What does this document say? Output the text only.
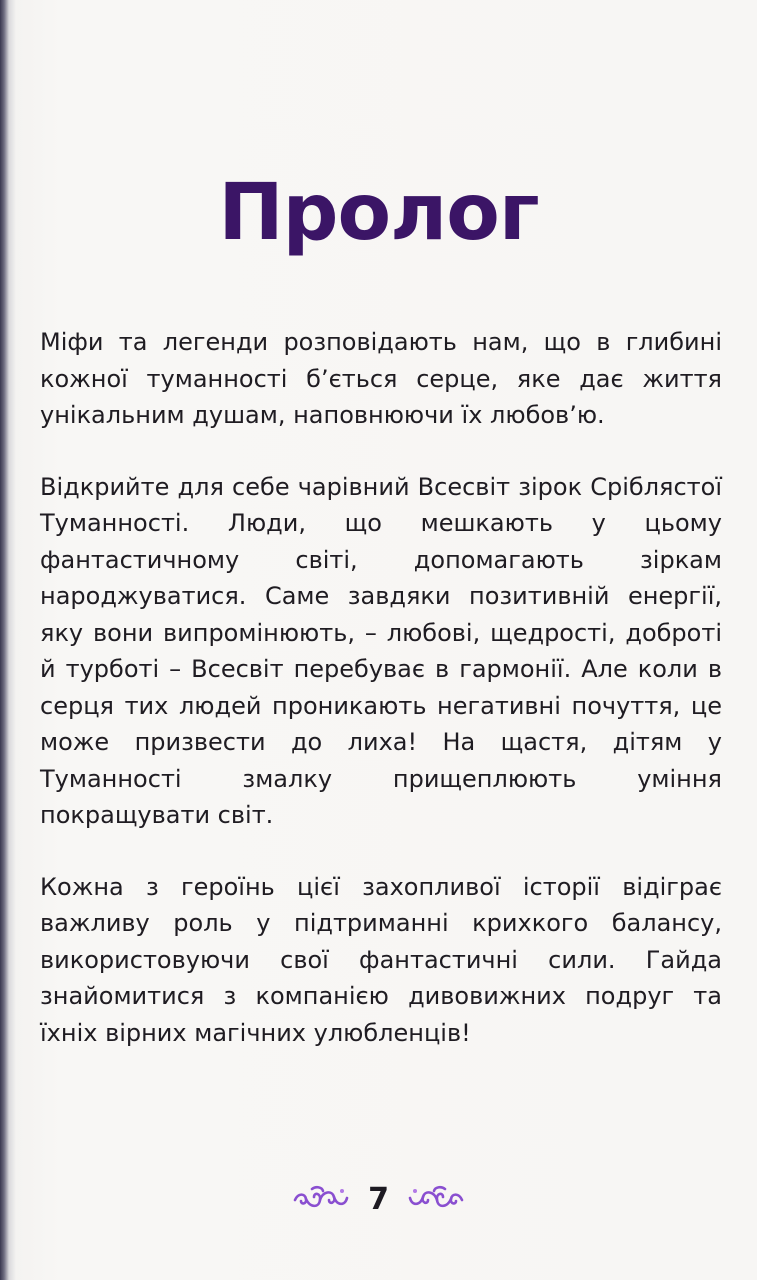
Пролог

Міфи та легенди розповідають нам, що в глибині кожної туманності б’ється серце, яке дає життя унікальним душам, наповнюючи їх любов’ю.

Відкрийте для себе чарівний Всесвіт зірок Сріблястої Туманності. Люди, що мешкають у цьому фантастичному світі, допомагають зіркам народжуватися. Саме завдяки позитивній енергії, яку вони випромінюють, – любові, щедрості, доброті й турботі – Всесвіт перебуває в гармонії. Але коли в серця тих людей проникають негативні почуття, це може призвести до лиха! На щастя, дітям у Туманності змалку прищеплюють уміння покращувати світ.

Кожна з героїнь цієї захопливої історії відіграє важливу роль у підтриманні крихкого балансу, використовуючи свої фантастичні сили. Гайда знайомитися з компанією дивовижних подруг та їхніх вірних магічних улюбленців!

7
